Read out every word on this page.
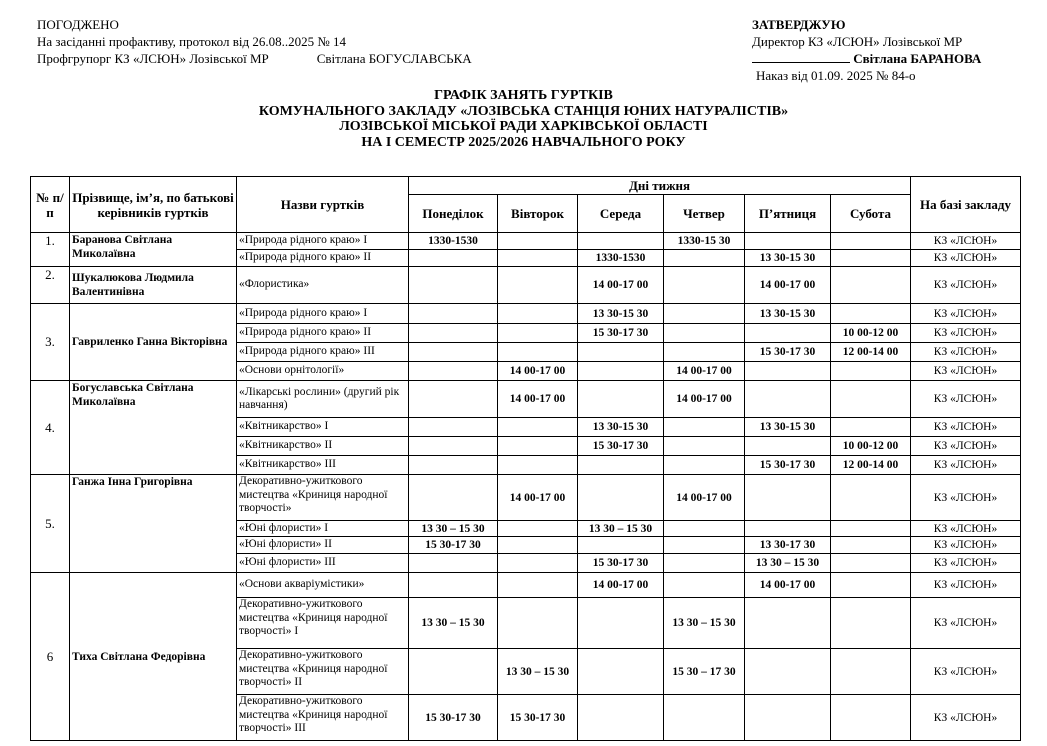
ПОГОДЖЕНО
На засіданні профактиву, протокол від 26.08..2025 № 14
Профгрупорг КЗ «ЛСЮН» Лозівської МР	Світлана БОГУСЛАВСЬКА
ЗАТВЕРДЖУЮ
Директор КЗ «ЛСЮН» Лозівської МР
Світлана БАРАНОВА
Наказ від 01.09. 2025 № 84-о
ГРАФІК ЗАНЯТЬ ГУРТКІВ
КОМУНАЛЬНОГО ЗАКЛАДУ «ЛОЗІВСЬКА СТАНЦІЯ ЮНИХ НАТУРАЛІСТІВ»
ЛОЗІВСЬКОЇ МІСЬКОЇ РАДИ ХАРКІВСЬКОЇ ОБЛАСТІ
НА I СЕМЕСТР 2025/2026 НАВЧАЛЬНОГО РОКУ
№ п/п	Прізвище, ім’я, по батькові керівників гуртків	Назви гуртків	Дні тижня						На базі закладу
			Понеділок	Вівторок	Середа	Четвер	П’ятниця	Субота	
1.	Баранова Світлана Миколаївна	«Природа рідного краю» І	1330-1530			1330-15 30			КЗ «ЛСЮН»
		«Природа рідного краю» ІІ			1330-1530		13 30-15 30		КЗ «ЛСЮН»
2.	Шукалюкова Людмила Валентинівна	«Флористика»			14 00-17 00		14 00-17 00		КЗ «ЛСЮН»
3.	Гавриленко Ганна Вікторівна	«Природа рідного краю» І			13 30-15 30		13 30-15 30		КЗ «ЛСЮН»
		«Природа рідного краю» ІІ			15 30-17 30			10 00-12 00	КЗ «ЛСЮН»
		«Природа рідного краю» ІІІ					15 30-17 30	12 00-14 00	КЗ «ЛСЮН»
		«Основи орнітології»		14 00-17 00		14 00-17 00			КЗ «ЛСЮН»
4.	Богуславська Світлана Миколаївна	«Лікарські рослини» (другий рік навчання)		14 00-17 00		14 00-17 00			КЗ «ЛСЮН»
		«Квітникарство» І			13 30-15 30		13 30-15 30		КЗ «ЛСЮН»
		«Квітникарство» ІІ			15 30-17 30			10 00-12 00	КЗ «ЛСЮН»
		«Квітникарство» ІІІ					15 30-17 30	12 00-14 00	КЗ «ЛСЮН»
5.	Ганжа Інна Григорівна	Декоративно-ужиткового мистецтва «Криниця народної творчості»		14 00-17 00		14 00-17 00			КЗ «ЛСЮН»
		«Юні флористи» І	13 30 – 15 30		13 30 – 15 30				КЗ «ЛСЮН»
		«Юні флористи» ІІ	15 30-17 30				13 30-17 30		КЗ «ЛСЮН»
		«Юні флористи» ІІІ			15 30-17 30		13 30 – 15 30		КЗ «ЛСЮН»
6	Тиха Світлана Федорівна	«Основи акваріумістики»			14 00-17 00		14 00-17 00		КЗ «ЛСЮН»
		Декоративно-ужиткового мистецтва «Криниця народної творчості» І	13 30 – 15 30			13 30 – 15 30			КЗ «ЛСЮН»
		Декоративно-ужиткового мистецтва «Криниця народної творчості» ІІ		13 30 – 15 30		15 30 – 17 30			КЗ «ЛСЮН»
		Декоративно-ужиткового мистецтва «Криниця народної творчості» ІІІ	15 30-17 30	15 30-17 30					КЗ «ЛСЮН»
